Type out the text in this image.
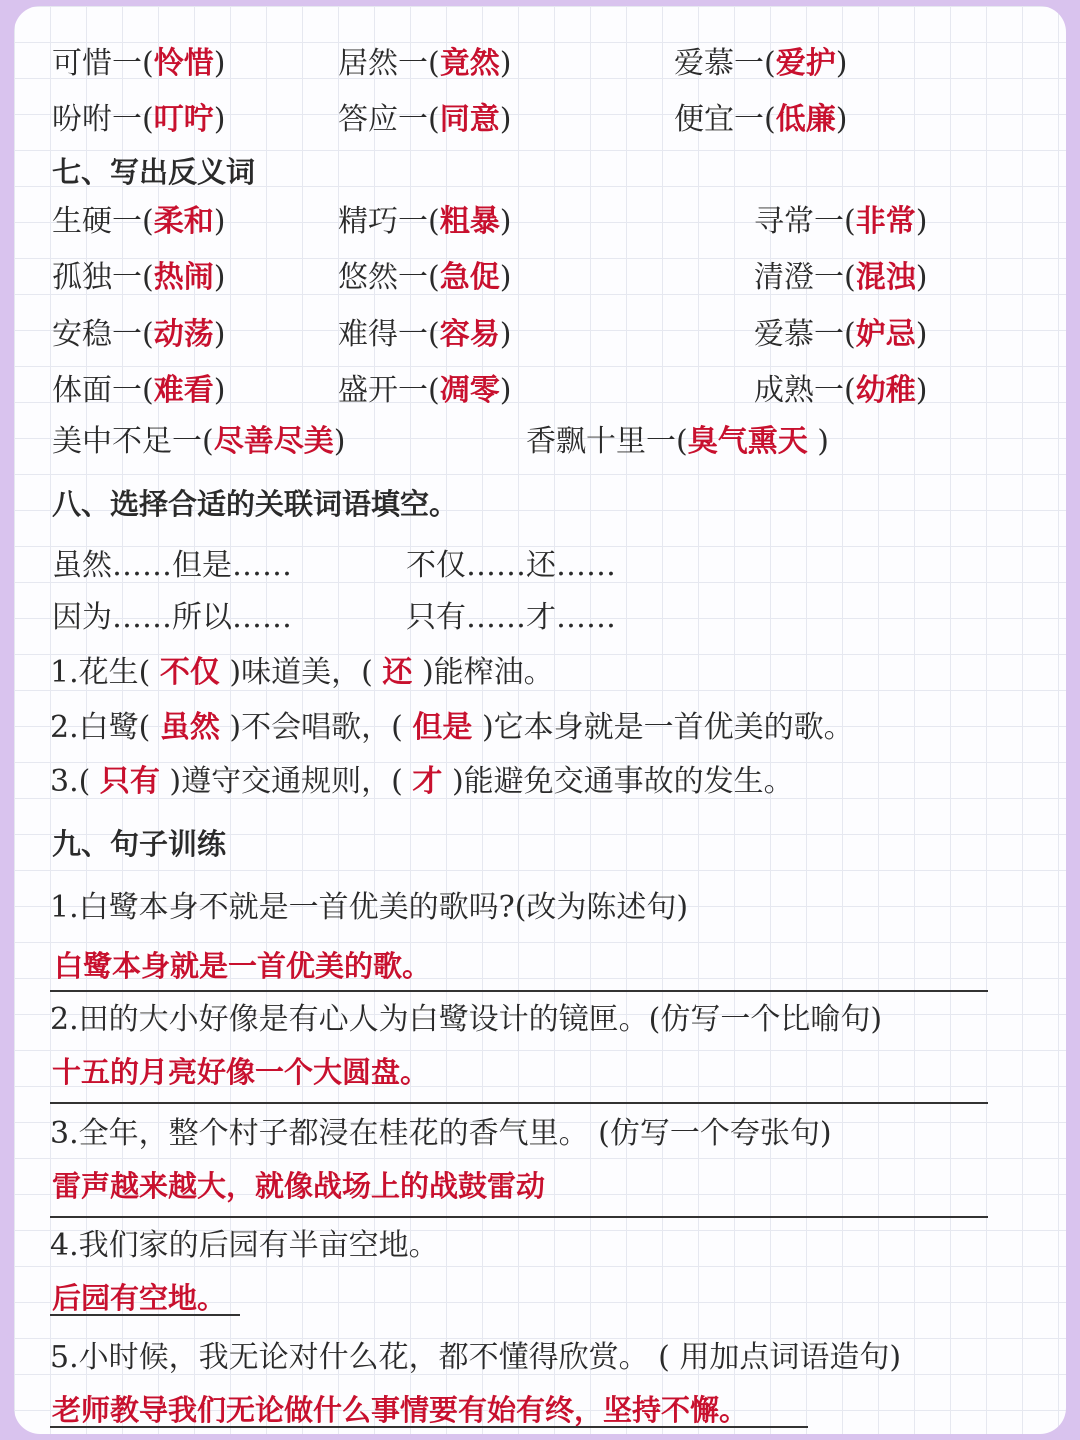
可惜一(怜惜)	居然一(竟然)	爱慕一(爱护)
吩咐一(叮咛)	答应一(同意)	便宜一(低廉)
七、写出反义词
生硬一(柔和)	精巧一(粗暴)	寻常一(非常)
孤独一(热闹)	悠然一(急促)	清澄一(混浊)
安稳一(动荡)	难得一(容易)	爱慕一(妒忌)
体面一(难看)	盛开一(凋零)	成熟一(幼稚)
美中不足一(尽善尽美)	香飘十里一(臭气熏天 )
八、选择合适的关联词语填空。
虽然……但是……	不仅……还……
因为……所以……	只有……才……
1.花生( 不仅 )味道美，( 还 )能榨油。
2.白鹭( 虽然 )不会唱歌，( 但是 )它本身就是一首优美的歌。
3.( 只有 )遵守交通规则，( 才 )能避免交通事故的发生。
九、句子训练
1.白鹭本身不就是一首优美的歌吗?(改为陈述句)
白鹭本身就是一首优美的歌。
2.田的大小好像是有心人为白鹭设计的镜匣。(仿写一个比喻句)
十五的月亮好像一个大圆盘。
3.全年，整个村子都浸在桂花的香气里。 (仿写一个夸张句)
雷声越来越大，就像战场上的战鼓雷动
4.我们家的后园有半亩空地。
后园有空地。
5.小时候，我无论对什么花，都不懂得欣赏。 ( 用加点词语造句)
老师教导我们无论做什么事情要有始有终，坚持不懈。
